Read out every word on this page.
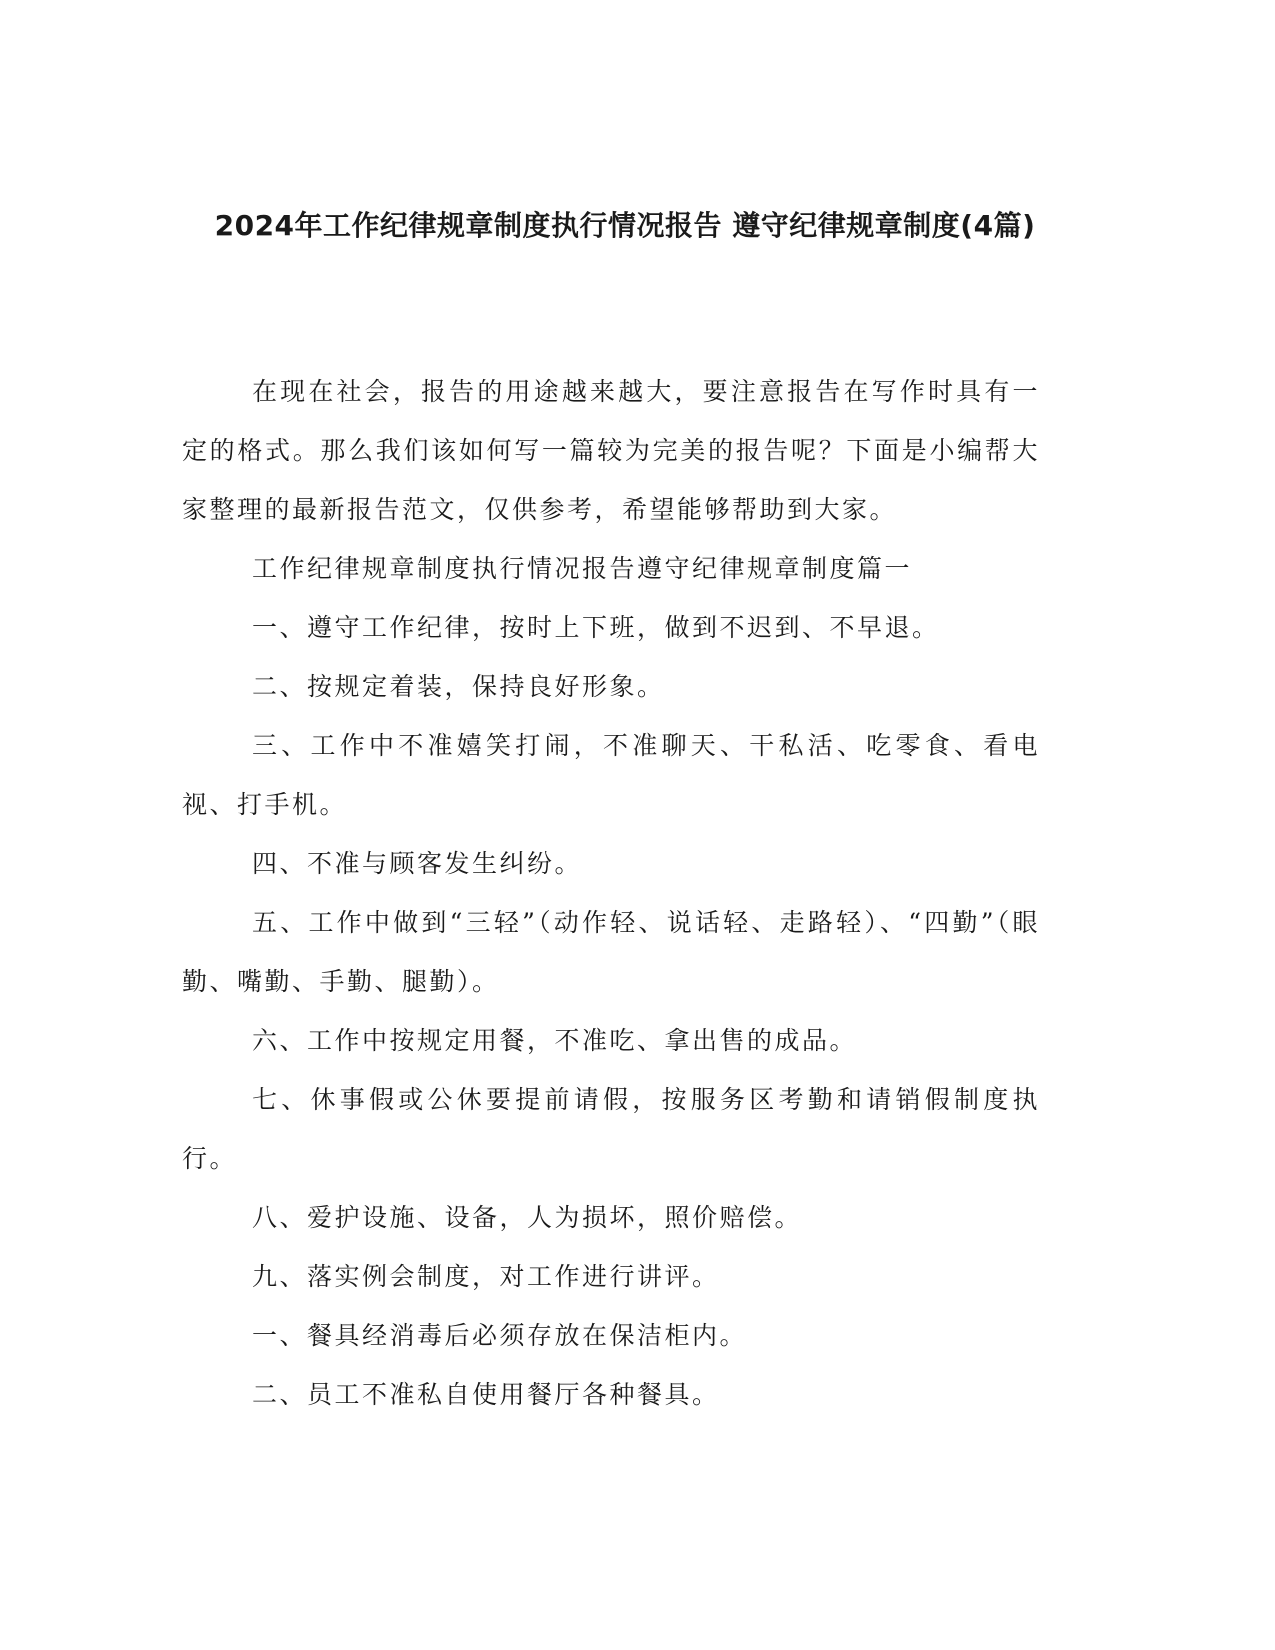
2024年工作纪律规章制度执行情况报告 遵守纪律规章制度(4篇)

在现在社会，报告的用途越来越大，要注意报告在写作时具有一定的格式。那么我们该如何写一篇较为完美的报告呢？下面是小编帮大家整理的最新报告范文，仅供参考，希望能够帮助到大家。

工作纪律规章制度执行情况报告遵守纪律规章制度篇一

一、遵守工作纪律，按时上下班，做到不迟到、不早退。

二、按规定着装，保持良好形象。

三、工作中不准嬉笑打闹，不准聊天、干私活、吃零食、看电视、打手机。

四、不准与顾客发生纠纷。

五、工作中做到“三轻”（动作轻、说话轻、走路轻）、“四勤”（眼勤、嘴勤、手勤、腿勤）。

六、工作中按规定用餐，不准吃、拿出售的成品。

七、休事假或公休要提前请假，按服务区考勤和请销假制度执行。

八、爱护设施、设备，人为损坏，照价赔偿。

九、落实例会制度，对工作进行讲评。

一、餐具经消毒后必须存放在保洁柜内。

二、员工不准私自使用餐厅各种餐具。
